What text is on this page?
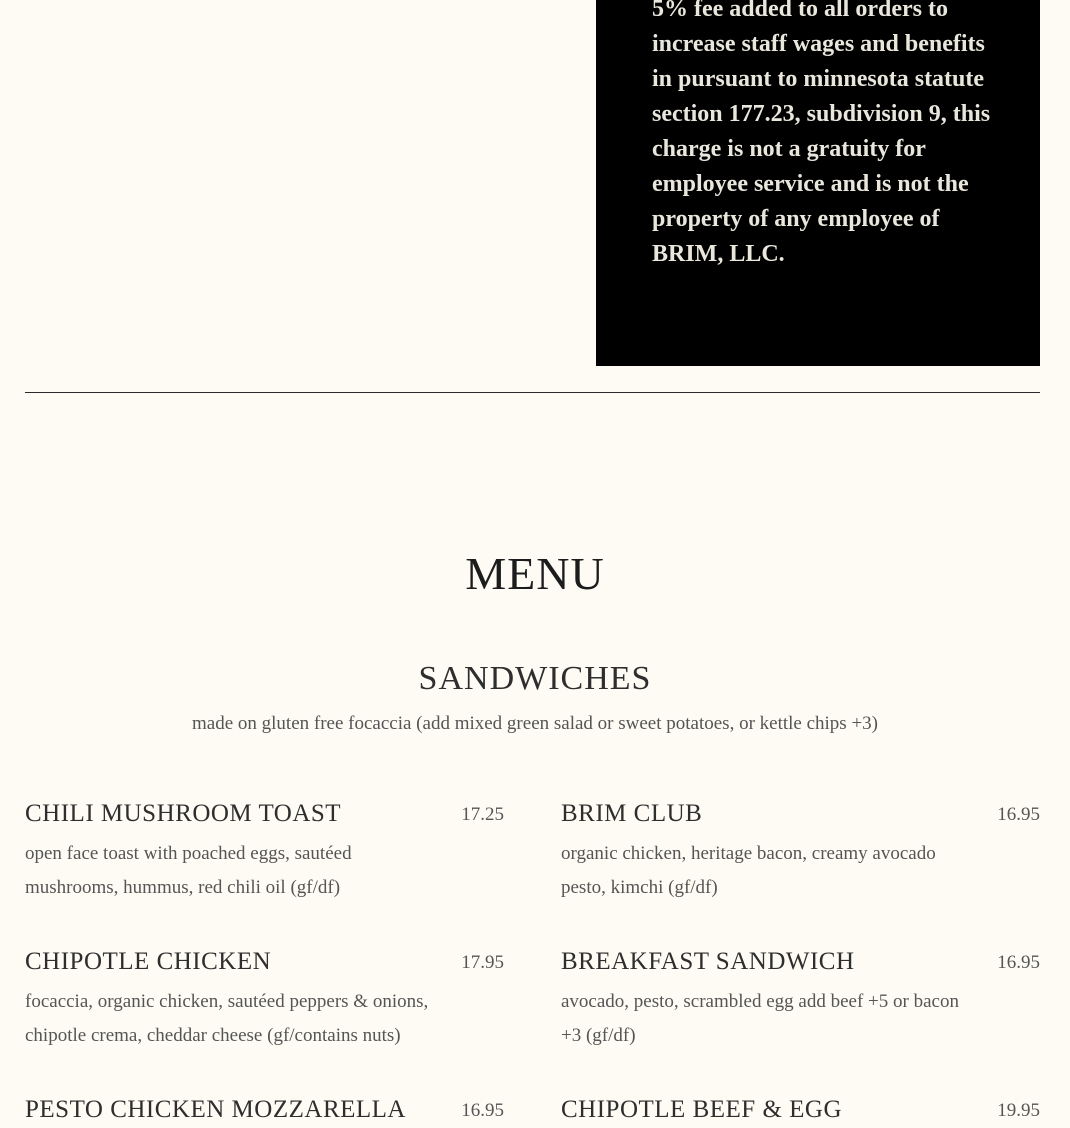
5% fee added to all orders to increase staff wages and benefits in pursuant to minnesota statute section 177.23, subdivision 9, this charge is not a gratuity for employee service and is not the property of any employee of BRIM, LLC.

MENU
SANDWICHES

made on gluten free focaccia (add mixed green salad or sweet potatoes, or kettle chips +3)

CHILI MUSHROOM TOAST	17.25

open face toast with poached eggs, sautéed mushrooms, hummus, red chili oil (gf/df)

BRIM CLUB	16.95

organic chicken, heritage bacon, creamy avocado pesto, kimchi (gf/df)

CHIPOTLE CHICKEN	17.95

focaccia, organic chicken, sautéed peppers & onions, chipotle crema, cheddar cheese (gf/contains nuts)

BREAKFAST SANDWICH	16.95

avocado, pesto, scrambled egg add beef +5 or bacon +3 (gf/df)

PESTO CHICKEN MOZZARELLA	16.95 CHIPOTLE BEEF & EGG	19.95
